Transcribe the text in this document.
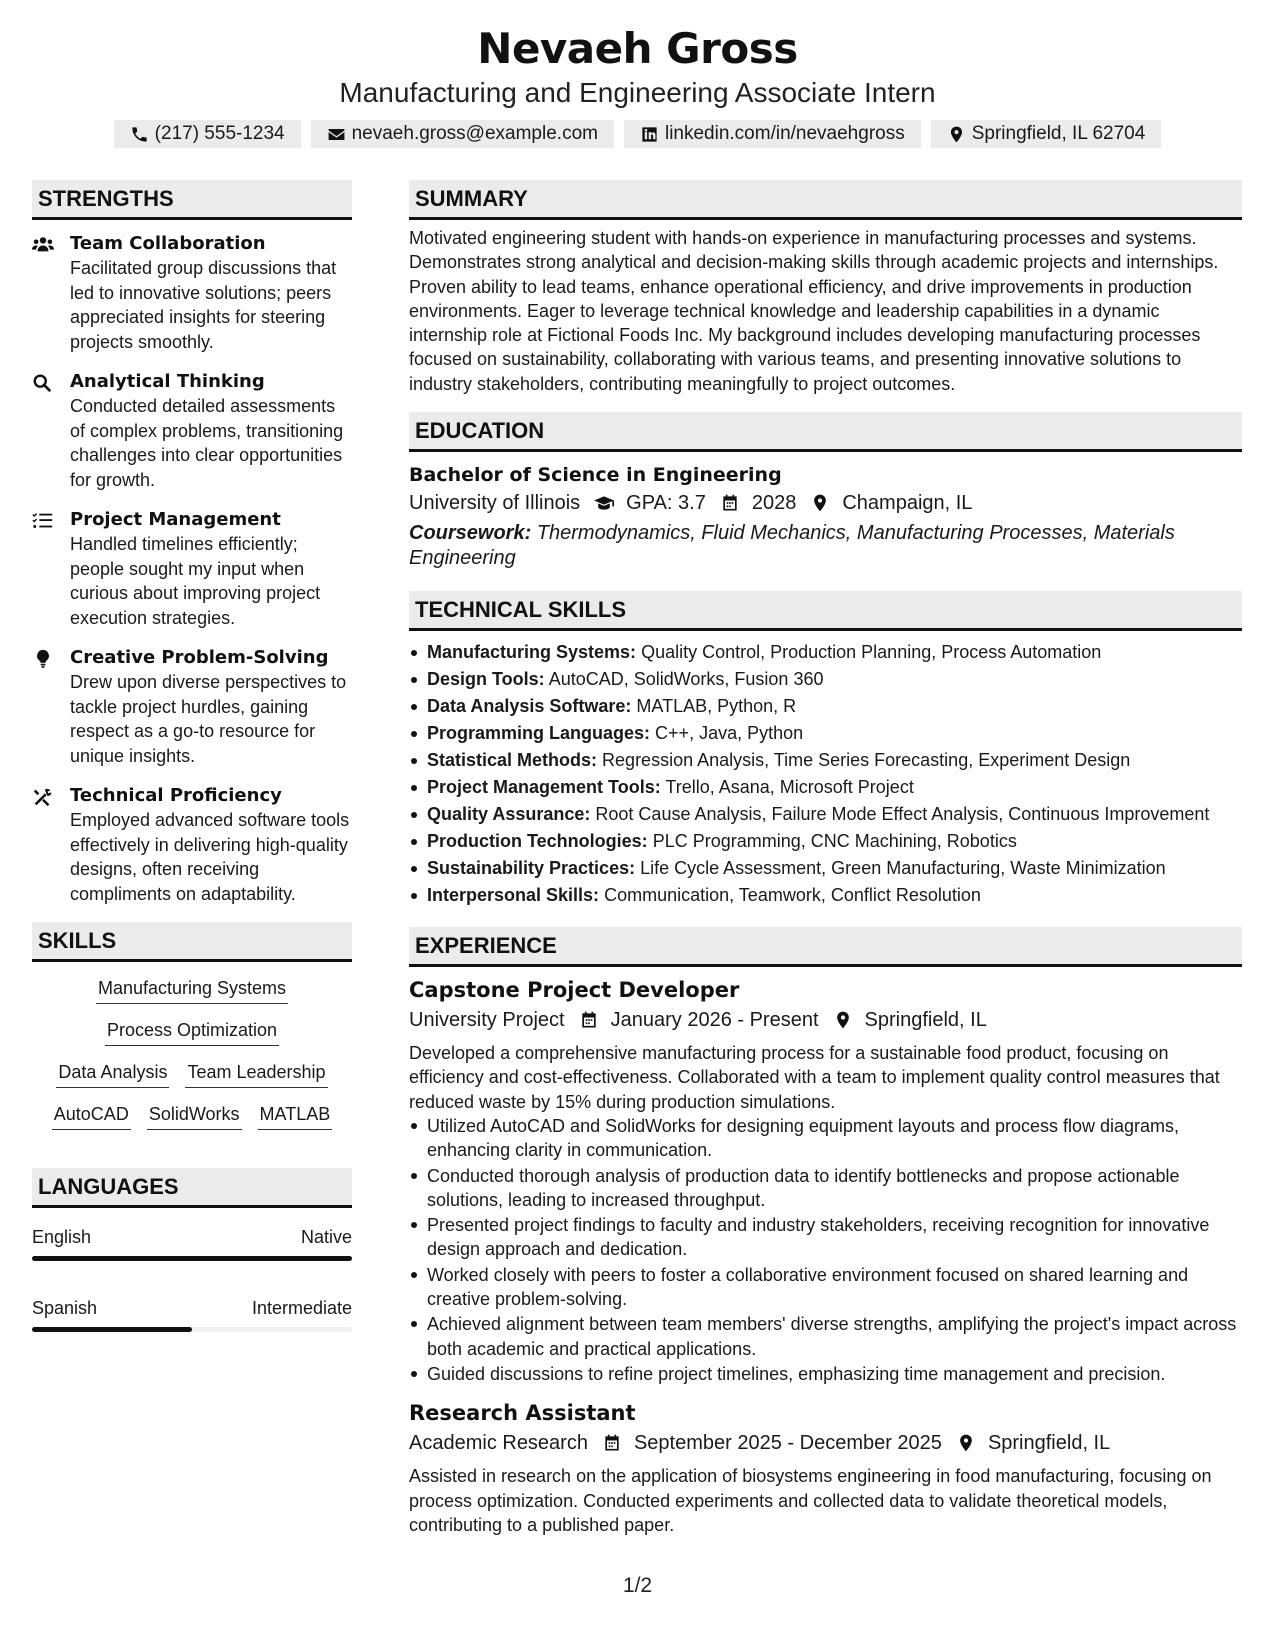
Nevaeh Gross
Manufacturing and Engineering Associate Intern
(217) 555-1234	nevaeh.gross@example.com	linkedin.com/in/nevaehgross	Springfield, IL 62704
STRENGTHS
Team Collaboration
Facilitated group discussions that led to innovative solutions; peers appreciated insights for steering projects smoothly.
Analytical Thinking
Conducted detailed assessments of complex problems, transitioning challenges into clear opportunities for growth.
Project Management
Handled timelines efficiently; people sought my input when curious about improving project execution strategies.
Creative Problem-Solving
Drew upon diverse perspectives to tackle project hurdles, gaining respect as a go-to resource for unique insights.
Technical Proficiency
Employed advanced software tools effectively in delivering high-quality designs, often receiving compliments on adaptability.
SKILLS
Manufacturing Systems
Process Optimization
Data Analysis Team Leadership
AutoCAD SolidWorks MATLAB
LANGUAGES
English	Native
Spanish	Intermediate
SUMMARY

Motivated engineering student with hands-on experience in manufacturing processes and systems. Demonstrates strong analytical and decision-making skills through academic projects and internships. Proven ability to lead teams, enhance operational efficiency, and drive improvements in production environments. Eager to leverage technical knowledge and leadership capabilities in a dynamic internship role at Fictional Foods Inc. My background includes developing manufacturing processes focused on sustainability, collaborating with various teams, and presenting innovative solutions to industry stakeholders, contributing meaningfully to project outcomes.

EDUCATION
Bachelor of Science in Engineering
University of Illinois GPA: 3.7 2028 Champaign, IL
Coursework: Thermodynamics, Fluid Mechanics, Manufacturing Processes, Materials Engineering
TECHNICAL SKILLS
Manufacturing Systems: Quality Control, Production Planning, Process Automation
Design Tools: AutoCAD, SolidWorks, Fusion 360
Data Analysis Software: MATLAB, Python, R
Programming Languages: C++, Java, Python
Statistical Methods: Regression Analysis, Time Series Forecasting, Experiment Design
Project Management Tools: Trello, Asana, Microsoft Project
Quality Assurance: Root Cause Analysis, Failure Mode Effect Analysis, Continuous Improvement
Production Technologies: PLC Programming, CNC Machining, Robotics
Sustainability Practices: Life Cycle Assessment, Green Manufacturing, Waste Minimization
Interpersonal Skills: Communication, Teamwork, Conflict Resolution
EXPERIENCE
Capstone Project Developer
University Project January 2026 - Present Springfield, IL

Developed a comprehensive manufacturing process for a sustainable food product, focusing on efficiency and cost-effectiveness. Collaborated with a team to implement quality control measures that reduced waste by 15% during production simulations.

Utilized AutoCAD and SolidWorks for designing equipment layouts and process flow diagrams, enhancing clarity in communication.
Conducted thorough analysis of production data to identify bottlenecks and propose actionable solutions, leading to increased throughput.
Presented project findings to faculty and industry stakeholders, receiving recognition for innovative design approach and dedication.
Worked closely with peers to foster a collaborative environment focused on shared learning and creative problem-solving.
Achieved alignment between team members' diverse strengths, amplifying the project's impact across both academic and practical applications.
Guided discussions to refine project timelines, emphasizing time management and precision.
Research Assistant
Academic Research September 2025 - December 2025 Springfield, IL

Assisted in research on the application of biosystems engineering in food manufacturing, focusing on process optimization. Conducted experiments and collected data to validate theoretical models, contributing to a published paper.

1/2
